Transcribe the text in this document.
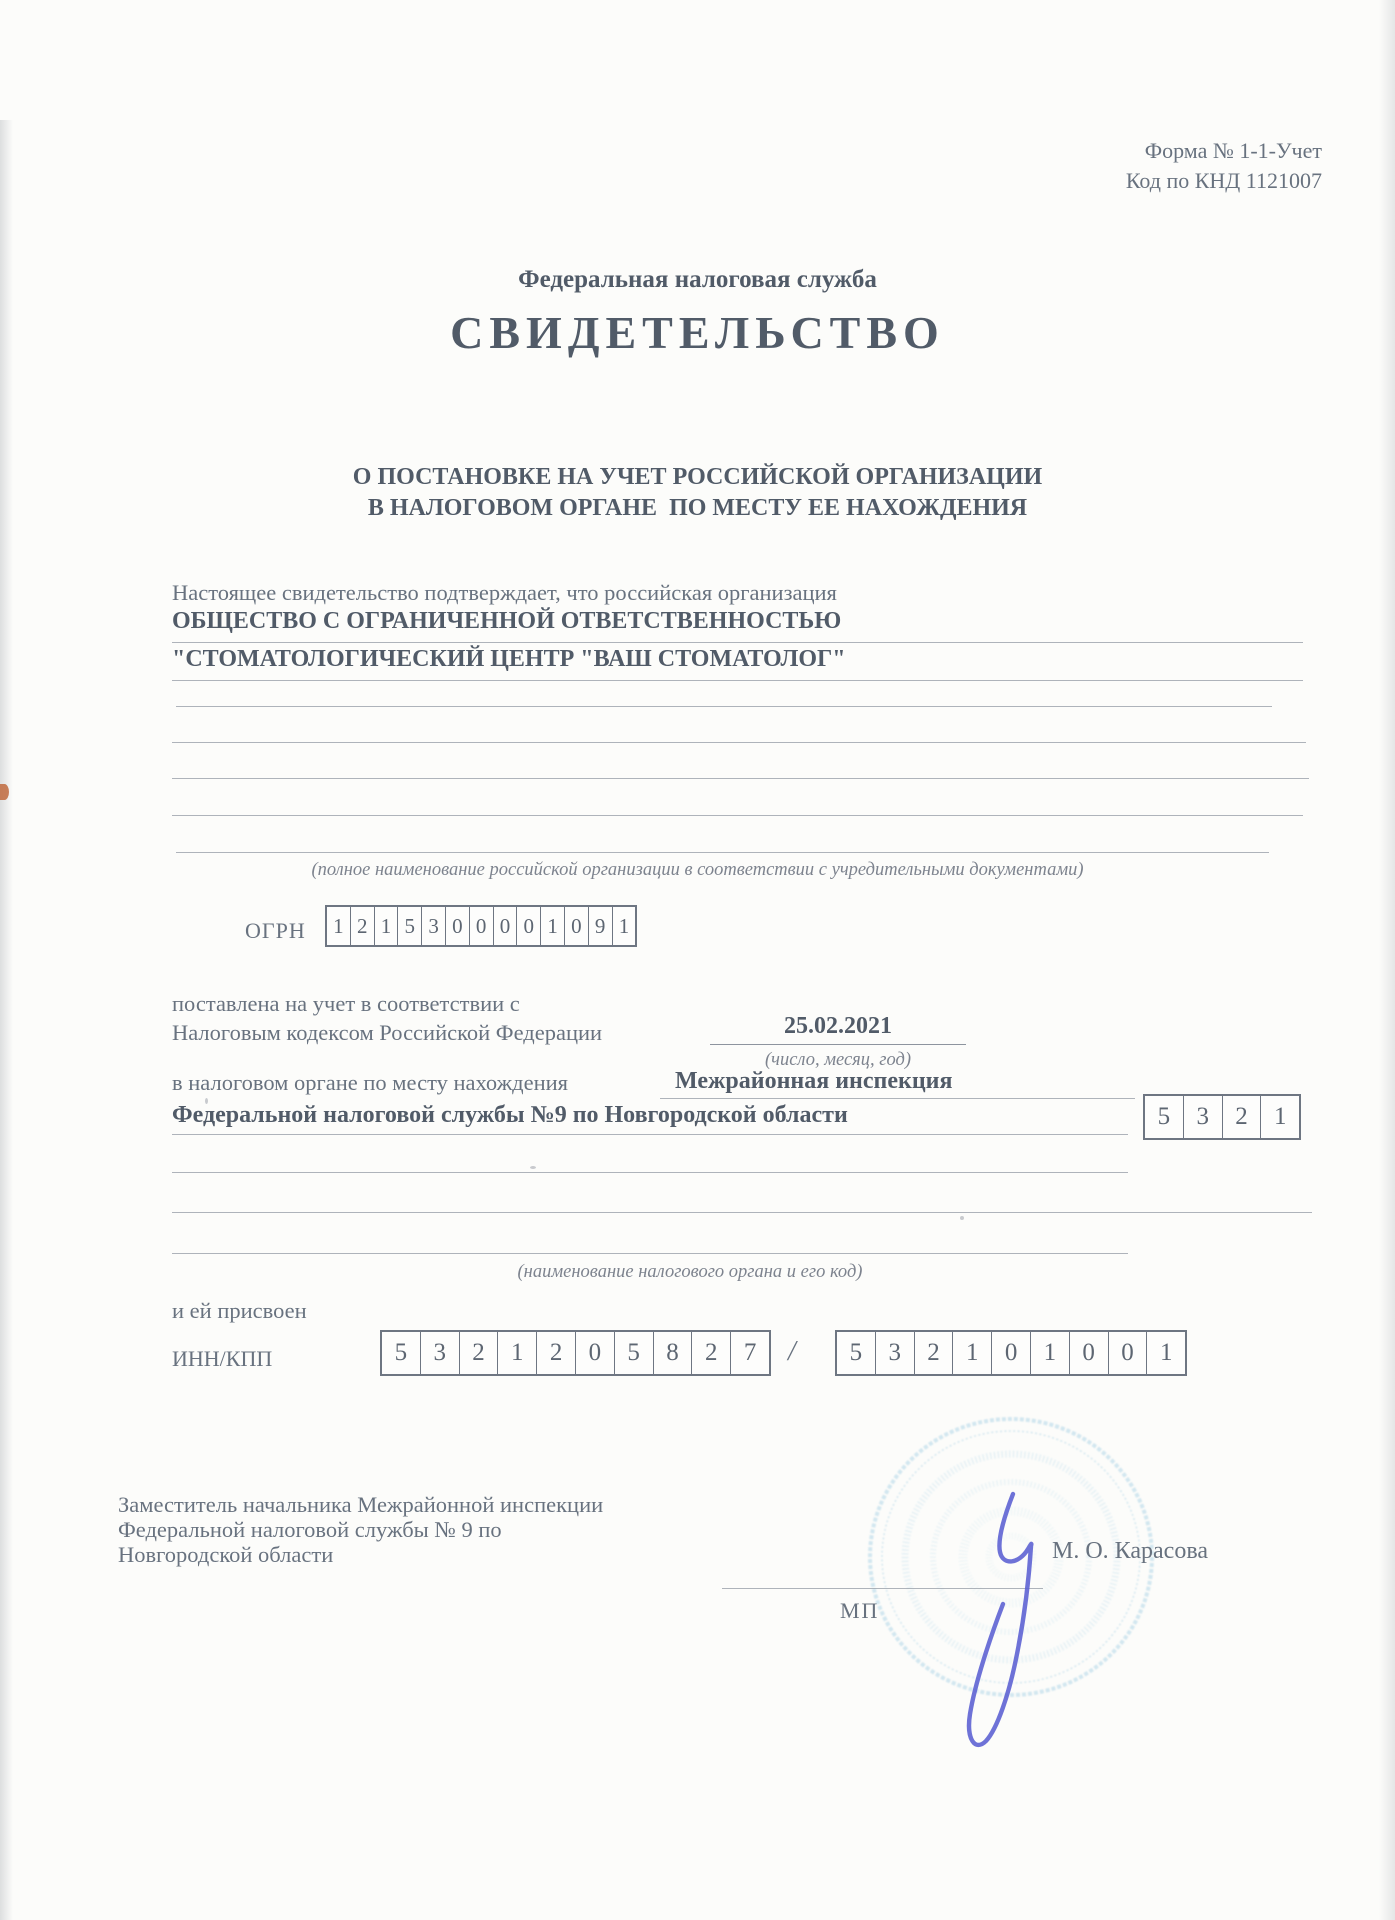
Форма № 1-1-Учет
Код по КНД 1121007
Федеральная налоговая служба
СВИДЕТЕЛЬСТВО
О ПОСТАНОВКЕ НА УЧЕТ РОССИЙСКОЙ ОРГАНИЗАЦИИ
В НАЛОГОВОМ ОРГАНЕ  ПО МЕСТУ ЕЕ НАХОЖДЕНИЯ
Настоящее свидетельство подтверждает, что российская организация
ОБЩЕСТВО С ОГРАНИЧЕННОЙ ОТВЕТСТВЕННОСТЬЮ
"СТОМАТОЛОГИЧЕСКИЙ ЦЕНТР "ВАШ СТОМАТОЛОГ"
(полное наименование российской организации в соответствии с учредительными документами)
ОГРН 1 2 1 5 3 0 0 0 0 1 0 9 1
поставлена на учет в соответствии с
Налоговым кодексом Российской Федерации	25.02.2021
(число, месяц, год)
в налоговом органе по месту нахождения	Межрайонная инспекция
Федеральной налоговой службы №9 по Новгородской области	5	3	2	1
(наименование налогового органа и его код)
и ей присвоен
ИНН/КПП	5	3	2	1	2	0	5	8	2	7	/	5	3	2	1	0	1	0	0	1
М. О. Карасова
МП
Заместитель начальника Межрайонной инспекции
Федеральной налоговой службы № 9 по
Новгородской области
